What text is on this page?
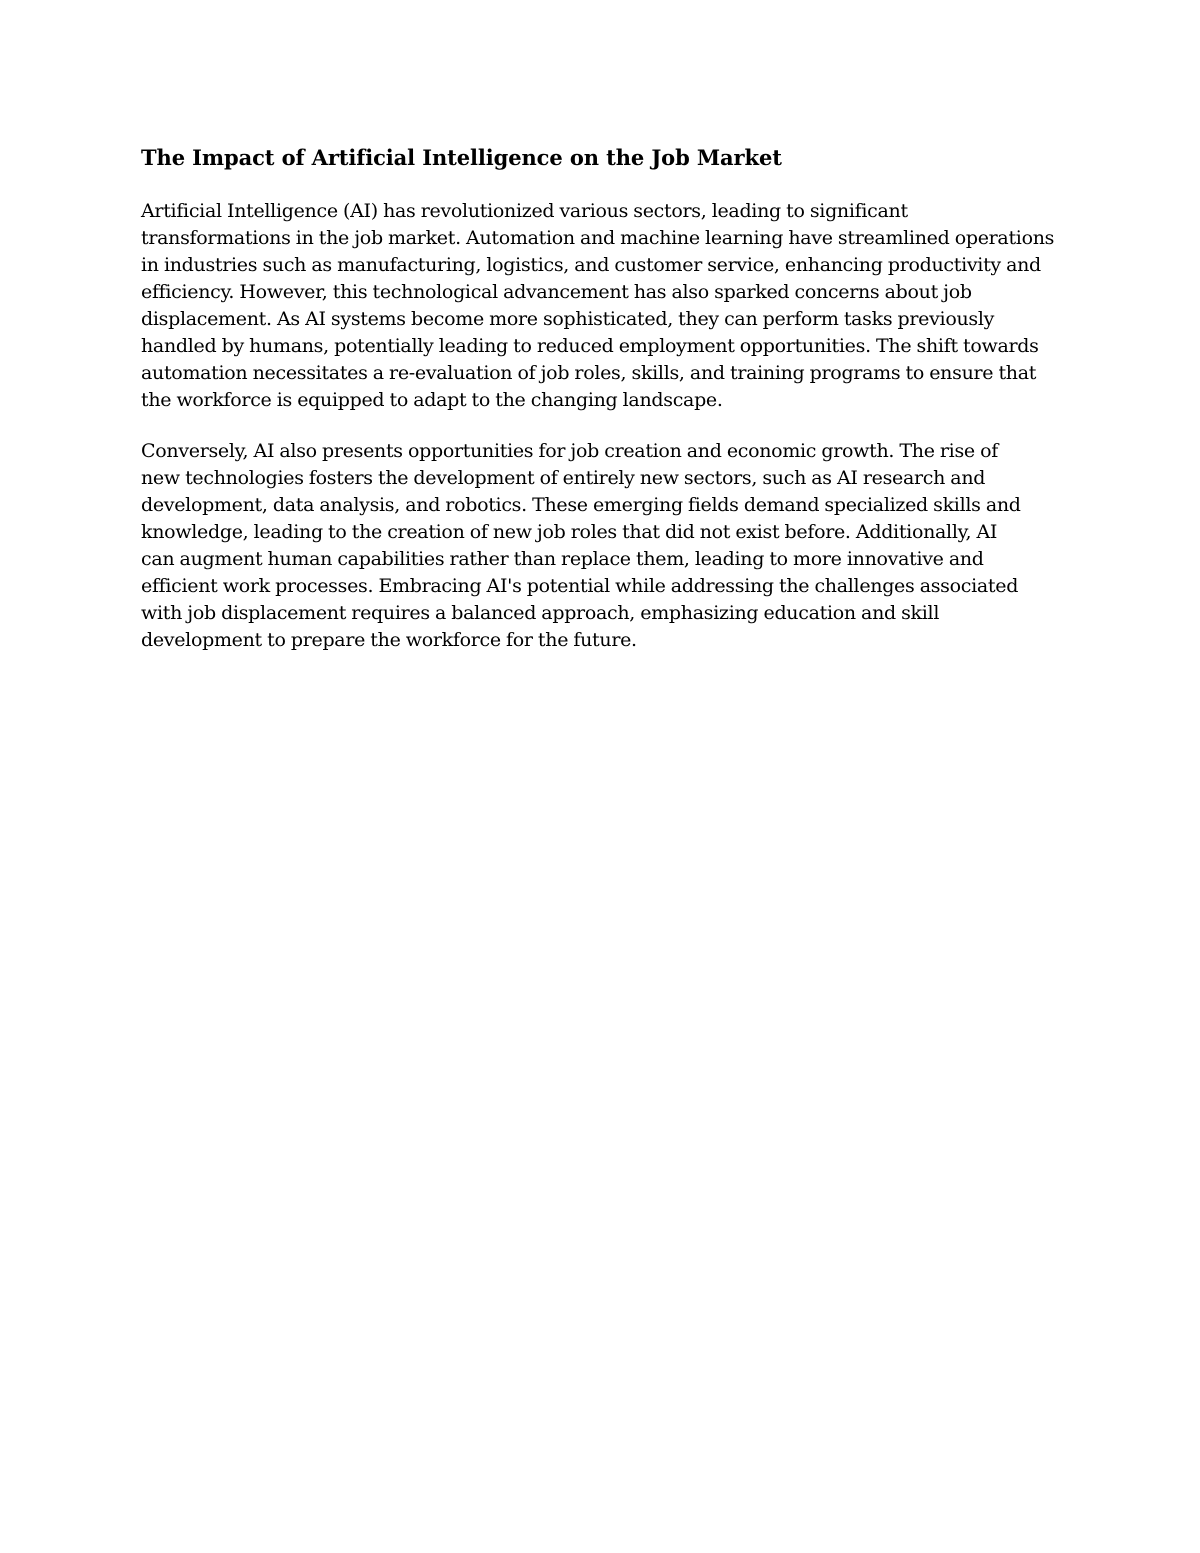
The Impact of Artificial Intelligence on the Job Market

Artificial Intelligence (AI) has revolutionized various sectors, leading to significant
transformations in the job market. Automation and machine learning have streamlined operations
in industries such as manufacturing, logistics, and customer service, enhancing productivity and
efficiency. However, this technological advancement has also sparked concerns about job
displacement. As AI systems become more sophisticated, they can perform tasks previously
handled by humans, potentially leading to reduced employment opportunities. The shift towards
automation necessitates a re-evaluation of job roles, skills, and training programs to ensure that
the workforce is equipped to adapt to the changing landscape.

Conversely, AI also presents opportunities for job creation and economic growth. The rise of
new technologies fosters the development of entirely new sectors, such as AI research and
development, data analysis, and robotics. These emerging fields demand specialized skills and
knowledge, leading to the creation of new job roles that did not exist before. Additionally, AI
can augment human capabilities rather than replace them, leading to more innovative and
efficient work processes. Embracing AI's potential while addressing the challenges associated
with job displacement requires a balanced approach, emphasizing education and skill
development to prepare the workforce for the future.
